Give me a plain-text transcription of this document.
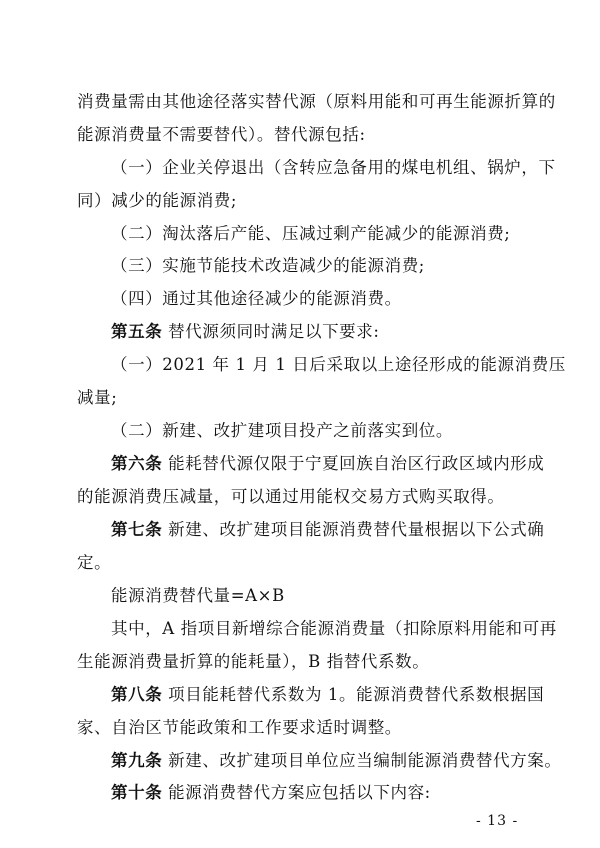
消费量需由其他途径落实替代源（原料用能和可再生能源折算的
能源消费量不需要替代）。替代源包括:
（一）企业关停退出（含转应急备用的煤电机组、锅炉，下
同）减少的能源消费;
（二）淘汰落后产能、压减过剩产能减少的能源消费;
（三）实施节能技术改造减少的能源消费;
（四）通过其他途径减少的能源消费。
第五条 替代源须同时满足以下要求:
（一）2021 年 1 月 1 日后采取以上途径形成的能源消费压
减量;
（二）新建、改扩建项目投产之前落实到位。
第六条 能耗替代源仅限于宁夏回族自治区行政区域内形成
的能源消费压减量，可以通过用能权交易方式购买取得。
第七条 新建、改扩建项目能源消费替代量根据以下公式确
定。
能源消费替代量=A×B
其中，A 指项目新增综合能源消费量（扣除原料用能和可再
生能源消费量折算的能耗量），B 指替代系数。
第八条 项目能耗替代系数为 1。能源消费替代系数根据国
家、自治区节能政策和工作要求适时调整。
第九条 新建、改扩建项目单位应当编制能源消费替代方案。
第十条 能源消费替代方案应包括以下内容:
- 13 -
